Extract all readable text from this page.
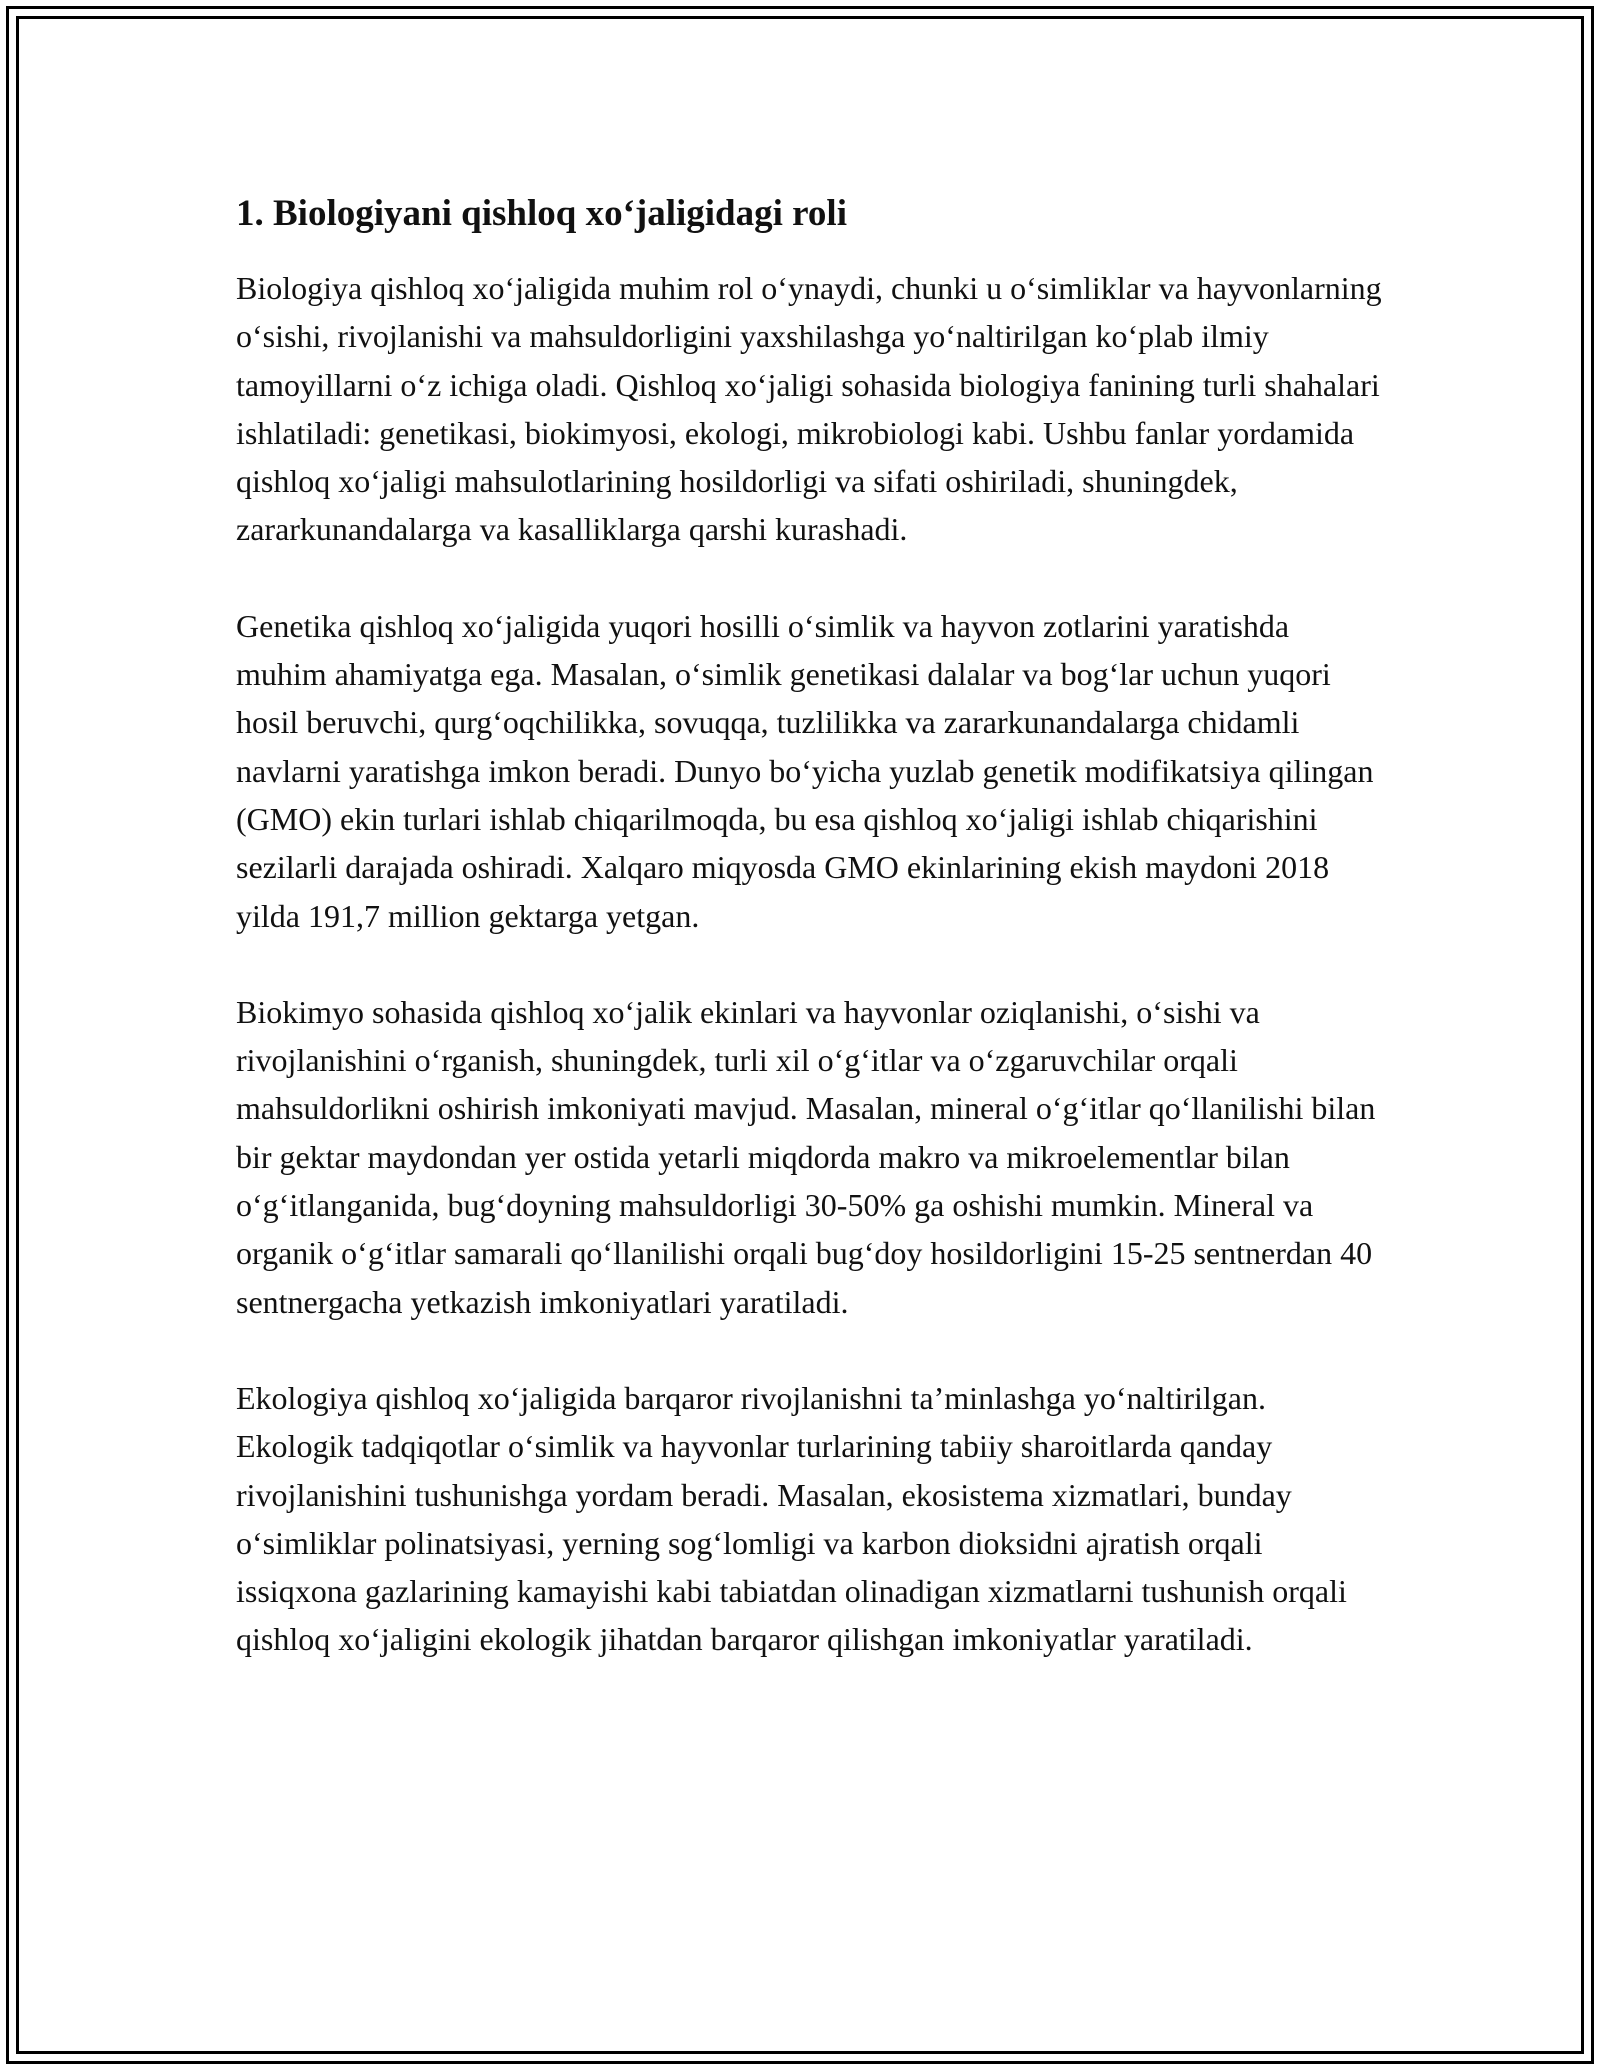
1. Biologiyani qishloq xo‘jaligidagi roli

Biologiya qishloq xo‘jaligida muhim rol o‘ynaydi, chunki u o‘simliklar va hayvonlarning o‘sishi, rivojlanishi va mahsuldorligini yaxshilashga yo‘naltirilgan ko‘plab ilmiy tamoyillarni o‘z ichiga oladi. Qishloq xo‘jaligi sohasida biologiya fanining turli shahalari ishlatiladi: genetikasi, biokimyosi, ekologi, mikrobiologi kabi. Ushbu fanlar yordamida qishloq xo‘jaligi mahsulotlarining hosildorligi va sifati oshiriladi, shuningdek, zararkunandalarga va kasalliklarga qarshi kurashadi.

Genetika qishloq xo‘jaligida yuqori hosilli o‘simlik va hayvon zotlarini yaratishda muhim ahamiyatga ega. Masalan, o‘simlik genetikasi dalalar va bog‘lar uchun yuqori hosil beruvchi, qurg‘oqchilikka, sovuqqa, tuzlilikka va zararkunandalarga chidamli navlarni yaratishga imkon beradi. Dunyo bo‘yicha yuzlab genetik modifikatsiya qilingan (GMO) ekin turlari ishlab chiqarilmoqda, bu esa qishloq xo‘jaligi ishlab chiqarishini sezilarli darajada oshiradi. Xalqaro miqyosda GMO ekinlarining ekish maydoni 2018 yilda 191,7 million gektarga yetgan.

Biokimyo sohasida qishloq xo‘jalik ekinlari va hayvonlar oziqlanishi, o‘sishi va rivojlanishini o‘rganish, shuningdek, turli xil o‘g‘itlar va o‘zgaruvchilar orqali mahsuldorlikni oshirish imkoniyati mavjud. Masalan, mineral o‘g‘itlar qo‘llanilishi bilan bir gektar maydondan yer ostida yetarli miqdorda makro va mikroelementlar bilan o‘g‘itlanganida, bug‘doyning mahsuldorligi 30-50% ga oshishi mumkin. Mineral va organik o‘g‘itlar samarali qo‘llanilishi orqali bug‘doy hosildorligini 15-25 sentnerdan 40 sentnergacha yetkazish imkoniyatlari yaratiladi.

Ekologiya qishloq xo‘jaligida barqaror rivojlanishni ta’minlashga yo‘naltirilgan. Ekologik tadqiqotlar o‘simlik va hayvonlar turlarining tabiiy sharoitlarda qanday rivojlanishini tushunishga yordam beradi. Masalan, ekosistema xizmatlari, bunday o‘simliklar polinatsiyasi, yerning sog‘lomligi va karbon dioksidni ajratish orqali issiqxona gazlarining kamayishi kabi tabiatdan olinadigan xizmatlarni tushunish orqali qishloq xo‘jaligini ekologik jihatdan barqaror qilishgan imkoniyatlar yaratiladi.
